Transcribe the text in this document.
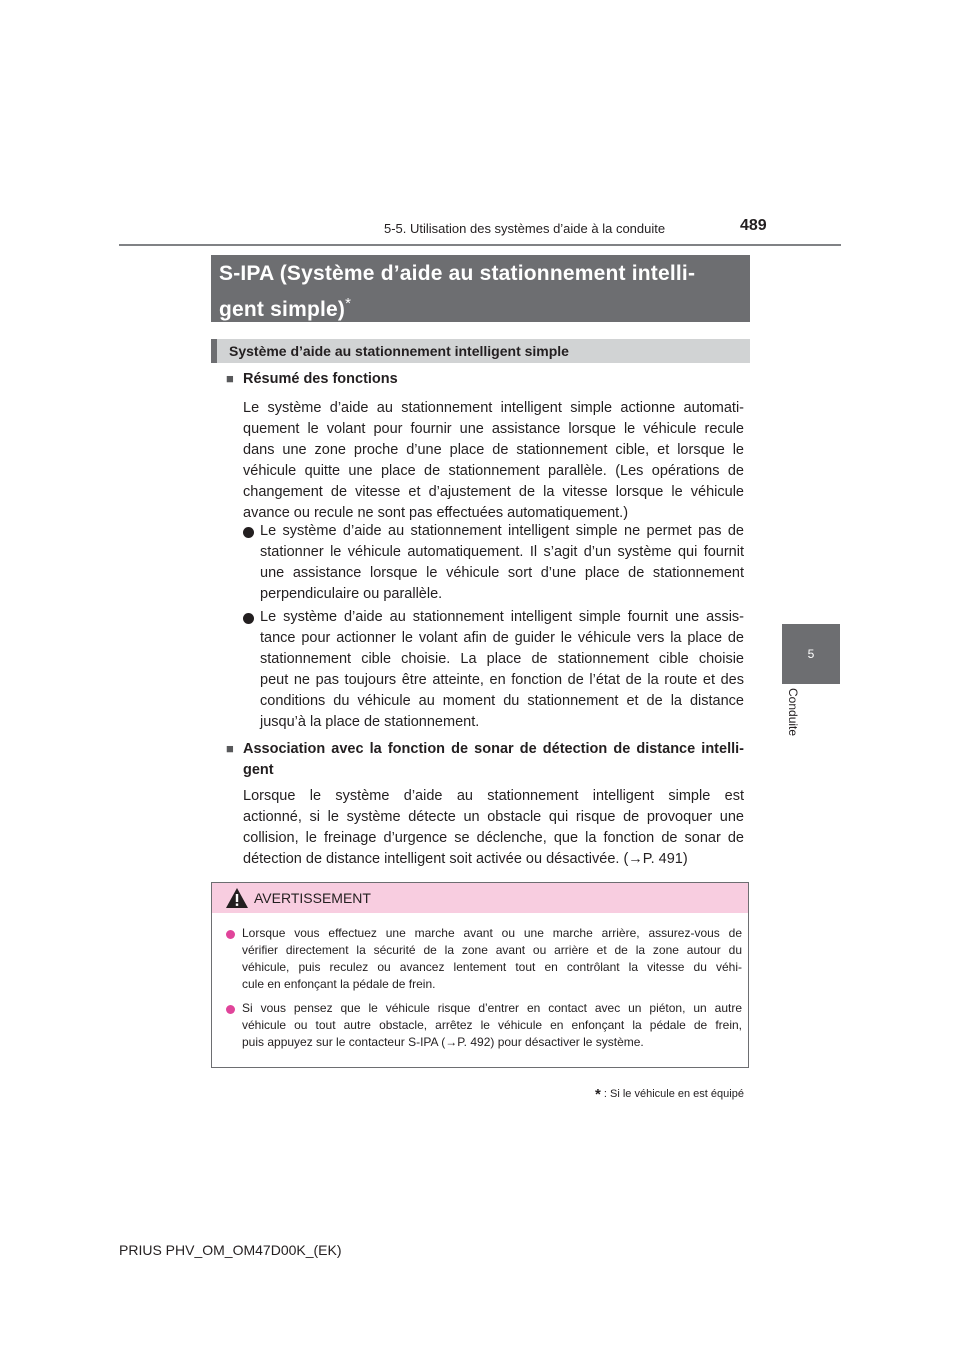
5-5. Utilisation des systèmes d’aide à la conduite	489
5
Conduite
S-IPA (Système d’aide au stationnement intelli-
gent simple)*
Système d’aide au stationnement intelligent simple
■ Résumé des fonctions
Le système d’aide au stationnement intelligent simple actionne automati-
quement le volant pour fournir une assistance lorsque le véhicule recule
dans une zone proche d’une place de stationnement cible, et lorsque le
véhicule quitte une place de stationnement parallèle. (Les opérations de
changement de vitesse et d’ajustement de la vitesse lorsque le véhicule
avance ou recule ne sont pas effectuées automatiquement.)
Le système d’aide au stationnement intelligent simple ne permet pas de
stationner le véhicule automatiquement. Il s’agit d’un système qui fournit
une assistance lorsque le véhicule sort d’une place de stationnement
perpendiculaire ou parallèle.
Le système d’aide au stationnement intelligent simple fournit une assis-
tance pour actionner le volant afin de guider le véhicule vers la place de
stationnement cible choisie. La place de stationnement cible choisie
peut ne pas toujours être atteinte, en fonction de l’état de la route et des
conditions du véhicule au moment du stationnement et de la distance
jusqu’à la place de stationnement.
■ Association avec la fonction de sonar de détection de distance intelli-
gent
Lorsque le système d’aide au stationnement intelligent simple est
actionné, si le système détecte un obstacle qui risque de provoquer une
collision, le freinage d’urgence se déclenche, que la fonction de sonar de
détection de distance intelligent soit activée ou désactivée. (→P. 491)
AVERTISSEMENT
Lorsque vous effectuez une marche avant ou une marche arrière, assurez-vous de
vérifier directement la sécurité de la zone avant ou arrière et de la zone autour du
véhicule, puis reculez ou avancez lentement tout en contrôlant la vitesse du véhi-
cule en enfonçant la pédale de frein.
Si vous pensez que le véhicule risque d’entrer en contact avec un piéton, un autre
véhicule ou tout autre obstacle, arrêtez le véhicule en enfonçant la pédale de frein,
puis appuyez sur le contacteur S-IPA (→P. 492) pour désactiver le système.
* : Si le véhicule en est équipé
PRIUS PHV_OM_OM47D00K_(EK)
